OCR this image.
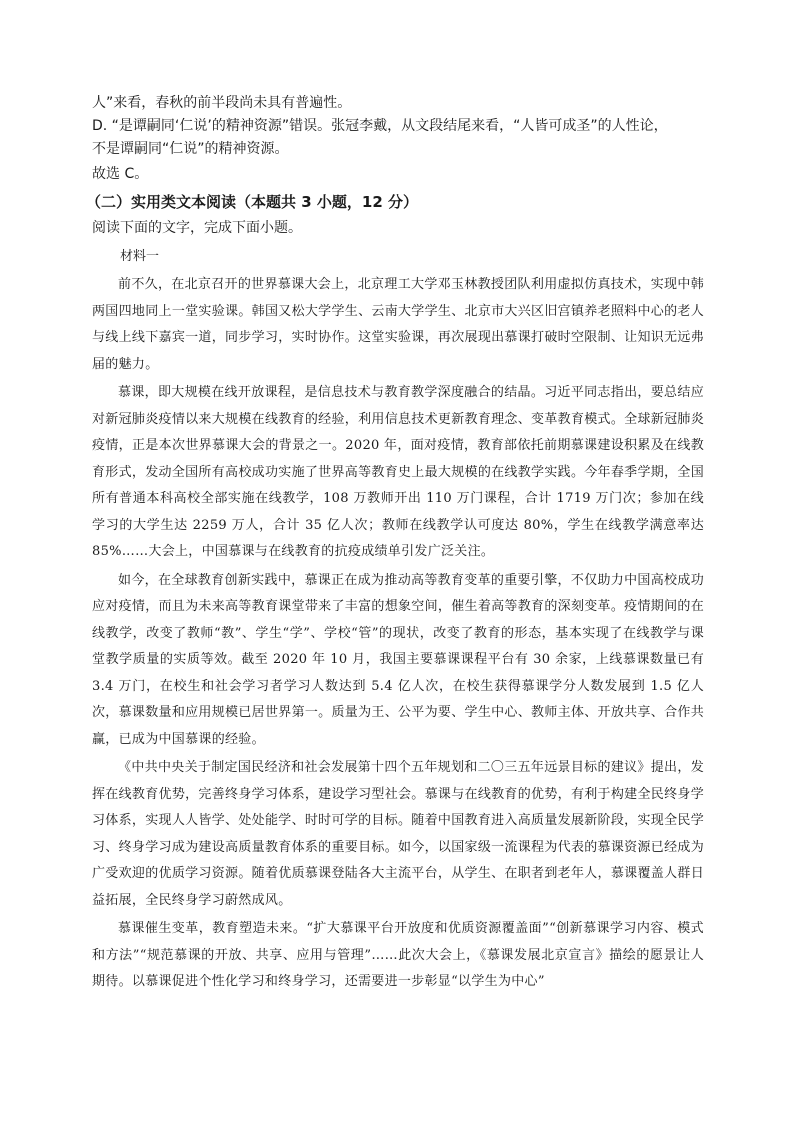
人”来看，春秋的前半段尚未具有普遍性。

D. “是谭嗣同‘仁说’的精神资源”错误。张冠李戴，从文段结尾来看，“人皆可成圣”的人性论，

不是谭嗣同“仁说”的精神资源。

故选 C。

（二）实用类文本阅读（本题共 3 小题，12 分）

阅读下面的文字，完成下面小题。

材料一

前不久，在北京召开的世界慕课大会上，北京理工大学邓玉林教授团队利用虚拟仿真技术，实现中韩两国四地同上一堂实验课。韩国又松大学学生、云南大学学生、北京市大兴区旧宫镇养老照料中心的老人与线上线下嘉宾一道，同步学习，实时协作。这堂实验课，再次展现出慕课打破时空限制、让知识无远弗届的魅力。

慕课，即大规模在线开放课程，是信息技术与教育教学深度融合的结晶。习近平同志指出，要总结应对新冠肺炎疫情以来大规模在线教育的经验，利用信息技术更新教育理念、变革教育模式。全球新冠肺炎疫情，正是本次世界慕课大会的背景之一。2020 年，面对疫情，教育部依托前期慕课建设积累及在线教育形式，发动全国所有高校成功实施了世界高等教育史上最大规模的在线教学实践。今年春季学期，全国所有普通本科高校全部实施在线教学，108 万教师开出 110 万门课程，合计 1719 万门次；参加在线学习的大学生达 2259 万人，合计 35 亿人次；教师在线教学认可度达 80%，学生在线教学满意率达 85%……大会上，中国慕课与在线教育的抗疫成绩单引发广泛关注。

如今，在全球教育创新实践中，慕课正在成为推动高等教育变革的重要引擎，不仅助力中国高校成功应对疫情，而且为未来高等教育课堂带来了丰富的想象空间，催生着高等教育的深刻变革。疫情期间的在线教学，改变了教师“教”、学生“学”、学校“管”的现状，改变了教育的形态，基本实现了在线教学与课堂教学质量的实质等效。截至 2020 年 10 月，我国主要慕课课程平台有 30 余家，上线慕课数量已有 3.4 万门，在校生和社会学习者学习人数达到 5.4 亿人次，在校生获得慕课学分人数发展到 1.5 亿人次，慕课数量和应用规模已居世界第一。质量为王、公平为要、学生中心、教师主体、开放共享、合作共赢，已成为中国慕课的经验。

《中共中央关于制定国民经济和社会发展第十四个五年规划和二〇三五年远景目标的建议》提出，发挥在线教育优势，完善终身学习体系，建设学习型社会。慕课与在线教育的优势，有利于构建全民终身学习体系，实现人人皆学、处处能学、时时可学的目标。随着中国教育进入高质量发展新阶段，实现全民学习、终身学习成为建设高质量教育体系的重要目标。如今，以国家级一流课程为代表的慕课资源已经成为广受欢迎的优质学习资源。随着优质慕课登陆各大主流平台，从学生、在职者到老年人，慕课覆盖人群日益拓展，全民终身学习蔚然成风。

慕课催生变革，教育塑造未来。“扩大慕课平台开放度和优质资源覆盖面”“创新慕课学习内容、模式和方法”“规范慕课的开放、共享、应用与管理”……此次大会上，《慕课发展北京宣言》描绘的愿景让人期待。以慕课促进个性化学习和终身学习，还需要进一步彰显“以学生为中心”
